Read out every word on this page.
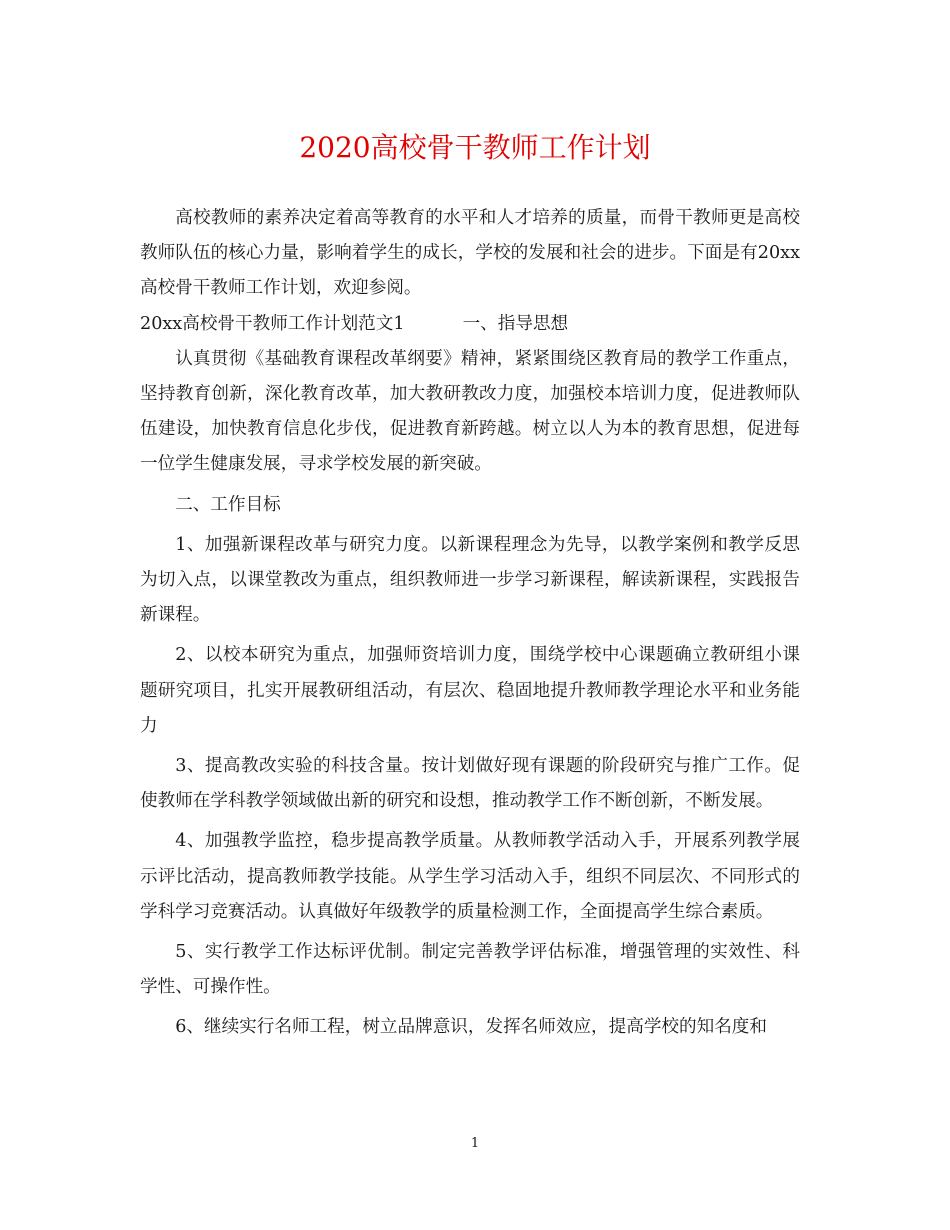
2020高校骨干教师工作计划

高校教师的素养决定着高等教育的水平和人才培养的质量，而骨干教师更是高校教师队伍的核心力量，影响着学生的成长，学校的发展和社会的进步。下面是有20xx高校骨干教师工作计划，欢迎参阅。

20xx高校骨干教师工作计划范文1	一、指导思想

认真贯彻《基础教育课程改革纲要》精神，紧紧围绕区教育局的教学工作重点，坚持教育创新，深化教育改革，加大教研教改力度，加强校本培训力度，促进教师队伍建设，加快教育信息化步伐，促进教育新跨越。树立以人为本的教育思想，促进每一位学生健康发展，寻求学校发展的新突破。

二、工作目标

1、加强新课程改革与研究力度。以新课程理念为先导，以教学案例和教学反思为切入点，以课堂教改为重点，组织教师进一步学习新课程，解读新课程，实践报告新课程。

2、以校本研究为重点，加强师资培训力度，围绕学校中心课题确立教研组小课题研究项目，扎实开展教研组活动，有层次、稳固地提升教师教学理论水平和业务能力

3、提高教改实验的科技含量。按计划做好现有课题的阶段研究与推广工作。促使教师在学科教学领域做出新的研究和设想，推动教学工作不断创新，不断发展。

4、加强教学监控，稳步提高教学质量。从教师教学活动入手，开展系列教学展示评比活动，提高教师教学技能。从学生学习活动入手，组织不同层次、不同形式的学科学习竞赛活动。认真做好年级教学的质量检测工作，全面提高学生综合素质。

5、实行教学工作达标评优制。制定完善教学评估标准，增强管理的实效性、科学性、可操作性。

6、继续实行名师工程，树立品牌意识，发挥名师效应，提高学校的知名度和

1
